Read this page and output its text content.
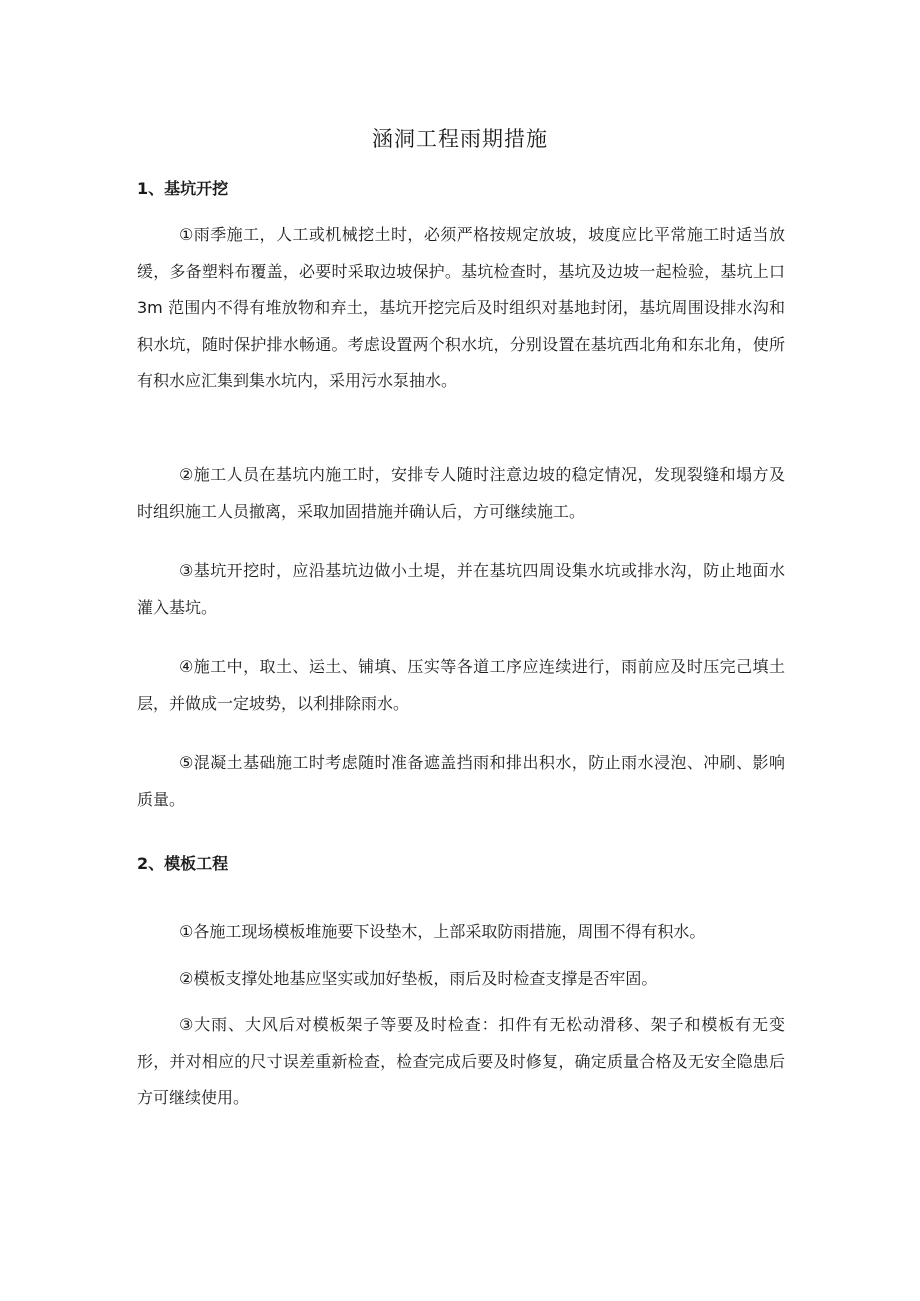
涵洞工程雨期措施
1、基坑开挖
①雨季施工，人工或机械挖土时，必须严格按规定放坡，坡度应比平常施工时适当放缓，多备塑料布覆盖，必要时采取边坡保护。基坑检查时，基坑及边坡一起检验，基坑上口 3m 范围内不得有堆放物和弃土，基坑开挖完后及时组织对基地封闭，基坑周围设排水沟和积水坑，随时保护排水畅通。考虑设置两个积水坑，分别设置在基坑西北角和东北角，使所有积水应汇集到集水坑内，采用污水泵抽水。
②施工人员在基坑内施工时，安排专人随时注意边坡的稳定情况，发现裂缝和塌方及时组织施工人员撤离，采取加固措施并确认后，方可继续施工。
③基坑开挖时，应沿基坑边做小土堤，并在基坑四周设集水坑或排水沟，防止地面水灌入基坑。
④施工中，取土、运土、铺填、压实等各道工序应连续进行，雨前应及时压完己填土层，并做成一定坡势，以利排除雨水。
⑤混凝土基础施工时考虑随时准备遮盖挡雨和排出积水，防止雨水浸泡、冲刷、影响质量。
2、模板工程
①各施工现场模板堆施要下设垫木，上部采取防雨措施，周围不得有积水。
②模板支撑处地基应坚实或加好垫板，雨后及时检查支撑是否牢固。
③大雨、大风后对模板架子等要及时检查：扣件有无松动滑移、架子和模板有无变形，并对相应的尺寸误差重新检查，检查完成后要及时修复，确定质量合格及无安全隐患后方可继续使用。
